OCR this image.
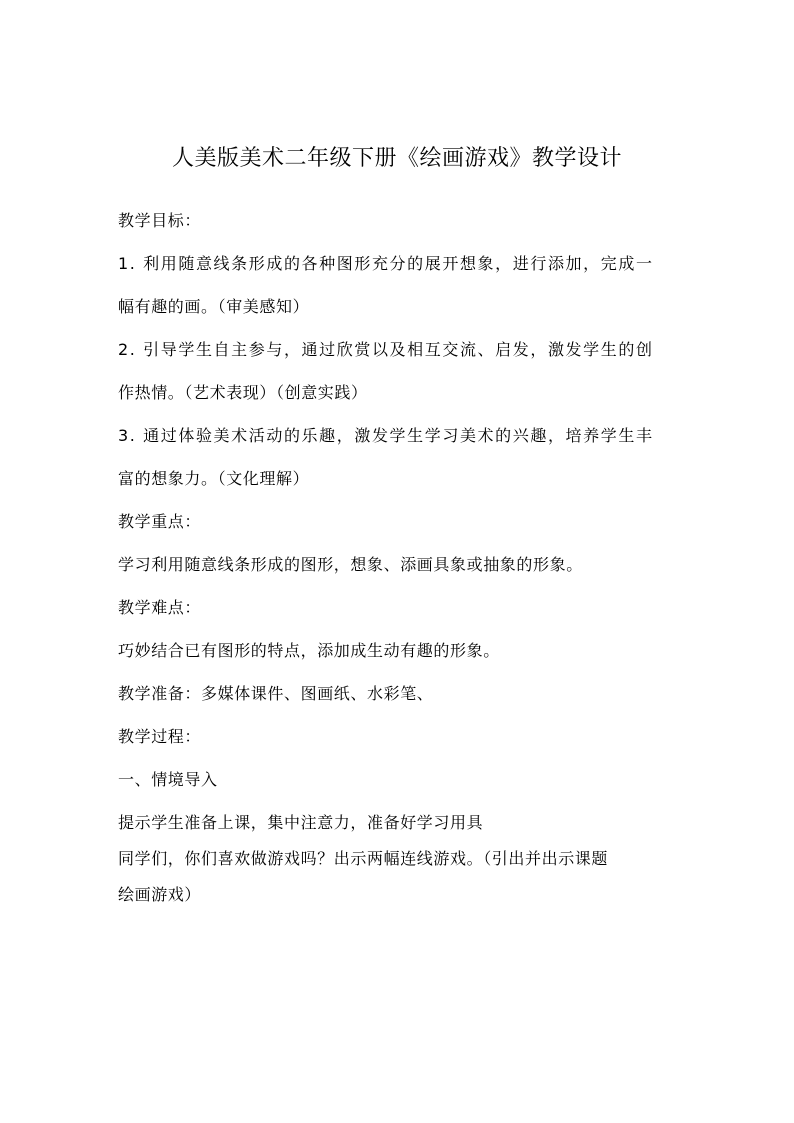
人美版美术二年级下册《绘画游戏》教学设计
教学目标：
1. 利用随意线条形成的各种图形充分的展开想象，进行添加，完成一
幅有趣的画。（审美感知）
2. 引导学生自主参与，通过欣赏以及相互交流、启发，激发学生的创
作热情。（艺术表现）（创意实践）
3. 通过体验美术活动的乐趣，激发学生学习美术的兴趣，培养学生丰
富的想象力。（文化理解）
教学重点：
学习利用随意线条形成的图形，想象、添画具象或抽象的形象。
教学难点：
巧妙结合已有图形的特点，添加成生动有趣的形象。
教学准备：多媒体课件、图画纸、水彩笔、
教学过程：
一、情境导入
提示学生准备上课，集中注意力，准备好学习用具
同学们，你们喜欢做游戏吗？出示两幅连线游戏。（引出并出示课题
绘画游戏）
